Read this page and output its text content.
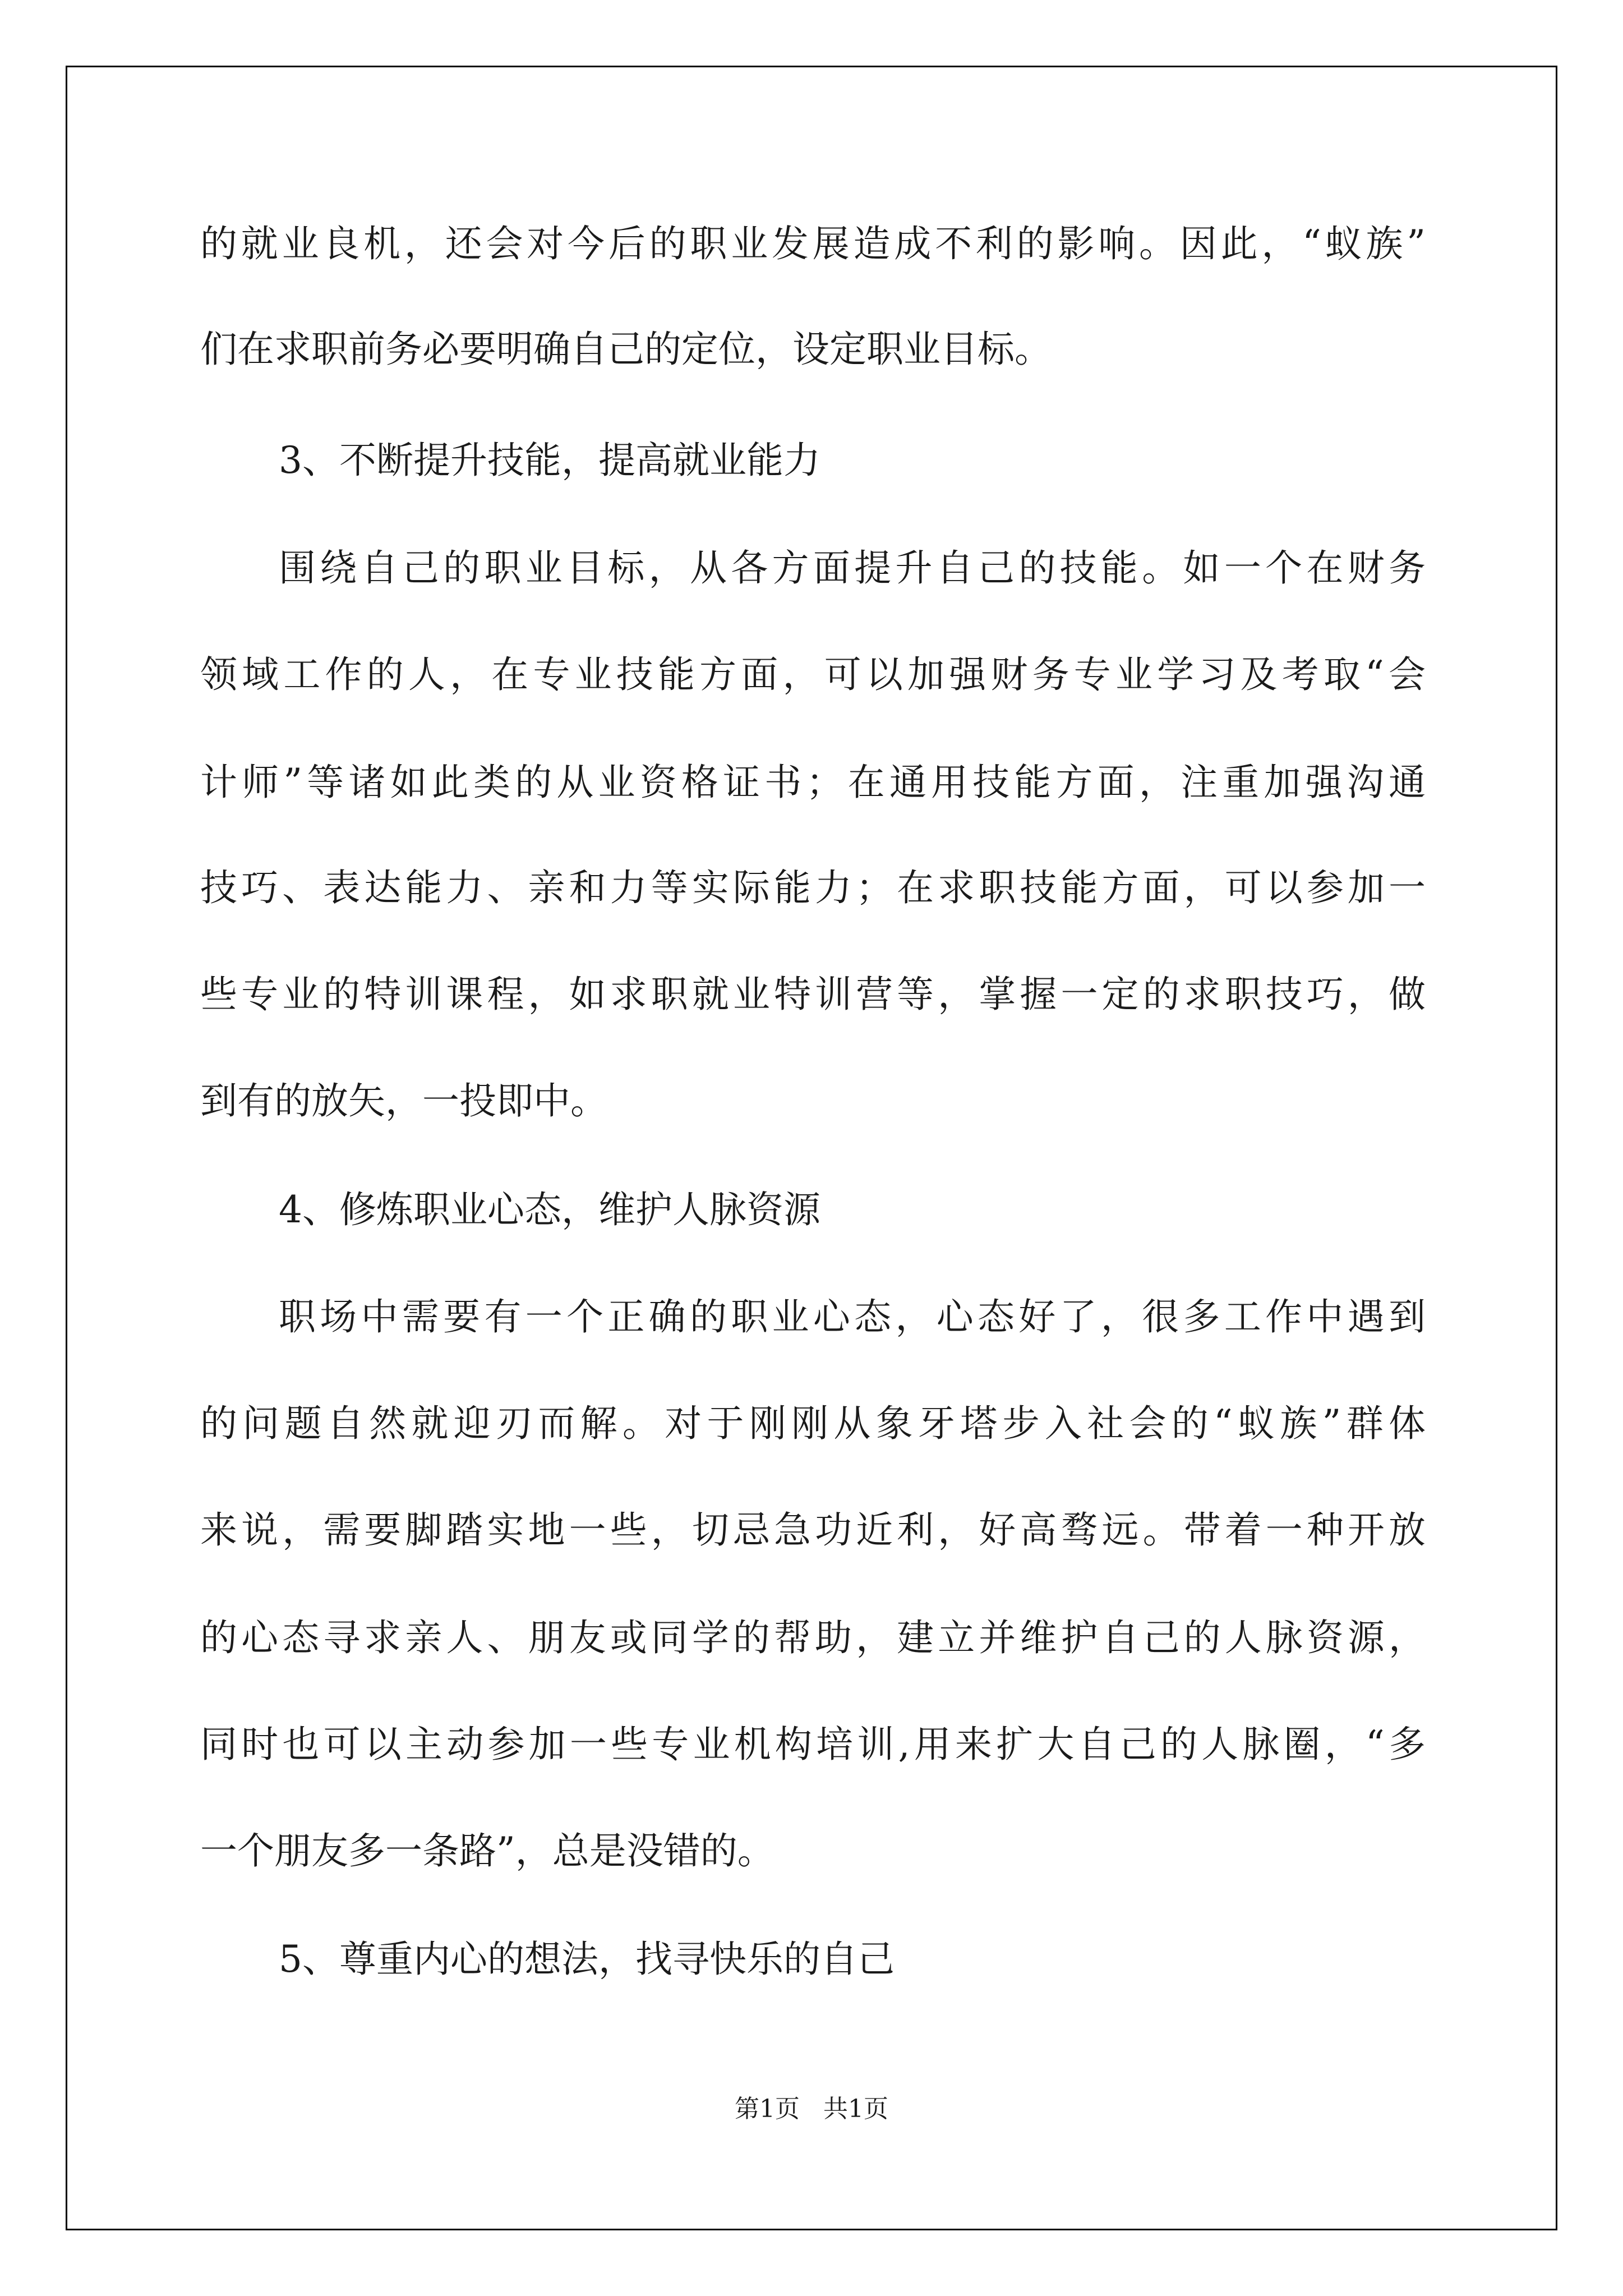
的就业良机，还会对今后的职业发展造成不利的影响。因此，“蚁族”
们在求职前务必要明确自己的定位，设定职业目标。
3、不断提升技能，提高就业能力
围绕自己的职业目标，从各方面提升自己的技能。如一个在财务
领域工作的人，在专业技能方面，可以加强财务专业学习及考取“会
计师”等诸如此类的从业资格证书；在通用技能方面，注重加强沟通
技巧、表达能力、亲和力等实际能力；在求职技能方面，可以参加一
些专业的特训课程，如求职就业特训营等，掌握一定的求职技巧，做
到有的放矢，一投即中。
4、修炼职业心态，维护人脉资源
职场中需要有一个正确的职业心态，心态好了，很多工作中遇到
的问题自然就迎刃而解。对于刚刚从象牙塔步入社会的“蚁族”群体
来说，需要脚踏实地一些，切忌急功近利，好高骛远。带着一种开放
的心态寻求亲人、朋友或同学的帮助，建立并维护自己的人脉资源，
同时也可以主动参加一些专业机构培训,用来扩大自己的人脉圈，“多
一个朋友多一条路”，总是没错的。
5、尊重内心的想法，找寻快乐的自己
第1页   共1页
